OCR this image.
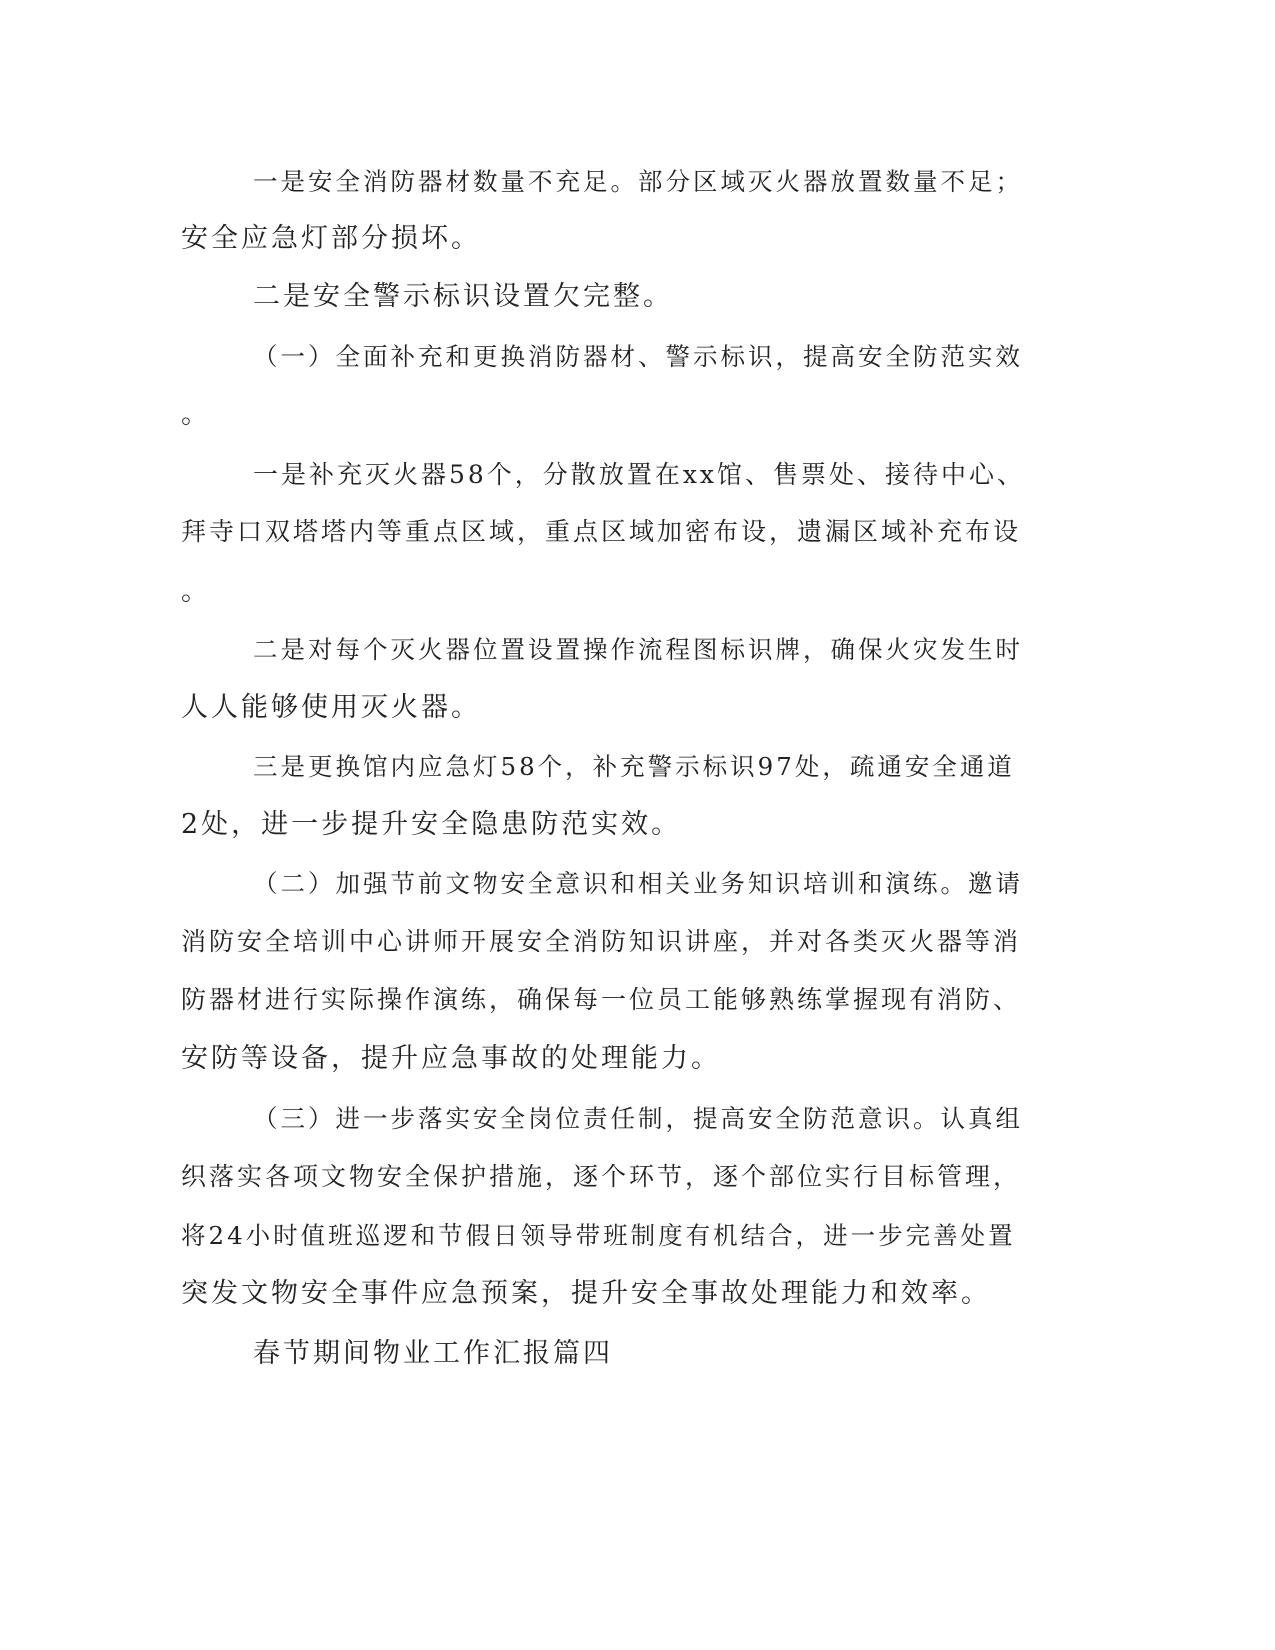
一是安全消防器材数量不充足。部分区域灭火器放置数量不足；
安全应急灯部分损坏。
二是安全警示标识设置欠完整。
（一）全面补充和更换消防器材、警示标识，提高安全防范实效
。
一是补充灭火器58个，分散放置在xx馆、售票处、接待中心、
拜寺口双塔塔内等重点区域，重点区域加密布设，遗漏区域补充布设
。
二是对每个灭火器位置设置操作流程图标识牌，确保火灾发生时
人人能够使用灭火器。
三是更换馆内应急灯58个，补充警示标识97处，疏通安全通道
2处，进一步提升安全隐患防范实效。
（二）加强节前文物安全意识和相关业务知识培训和演练。邀请
消防安全培训中心讲师开展安全消防知识讲座，并对各类灭火器等消
防器材进行实际操作演练，确保每一位员工能够熟练掌握现有消防、
安防等设备，提升应急事故的处理能力。
（三）进一步落实安全岗位责任制，提高安全防范意识。认真组
织落实各项文物安全保护措施，逐个环节，逐个部位实行目标管理，
将24小时值班巡逻和节假日领导带班制度有机结合，进一步完善处置
突发文物安全事件应急预案，提升安全事故处理能力和效率。
春节期间物业工作汇报篇四
